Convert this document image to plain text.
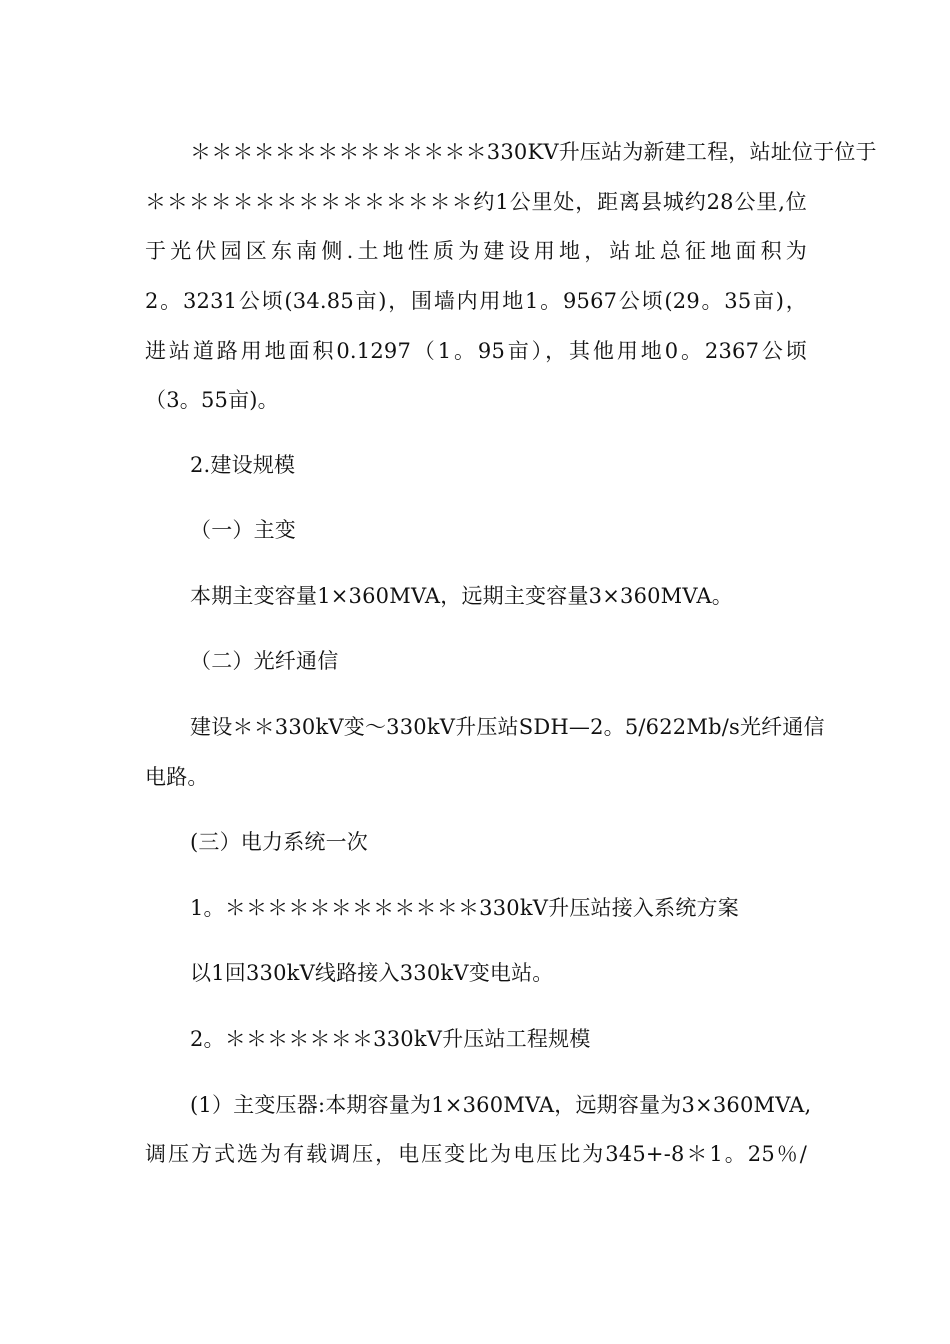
＊＊＊＊＊＊＊＊＊＊＊＊＊＊330KV升压站为新建工程，站址位于位于
＊＊＊＊＊＊＊＊＊＊＊＊＊＊＊约1公里处，距离县城约28公里,位
于光伏园区东南侧.土地性质为建设用地，站址总征地面积为
2。3231公顷(34.85亩)，围墙内用地1。9567公顷(29。35亩)，
进站道路用地面积0.1297（1。95亩），其他用地0。2367公顷
（3。55亩)。
2.建设规模
（一）主变
本期主变容量1×360MVA，远期主变容量3×360MVA。
（二）光纤通信
建设＊＊330kV变～330kV升压站SDH—2。5/622Mb/s光纤通信
电路。
(三）电力系统一次
1。＊＊＊＊＊＊＊＊＊＊＊＊330kV升压站接入系统方案
以1回330kV线路接入330kV变电站。
2。＊＊＊＊＊＊＊330kV升压站工程规模
(1）主变压器:本期容量为1×360MVA，远期容量为3×360MVA,
调压方式选为有载调压，电压变比为电压比为345+-8＊1。25％/
